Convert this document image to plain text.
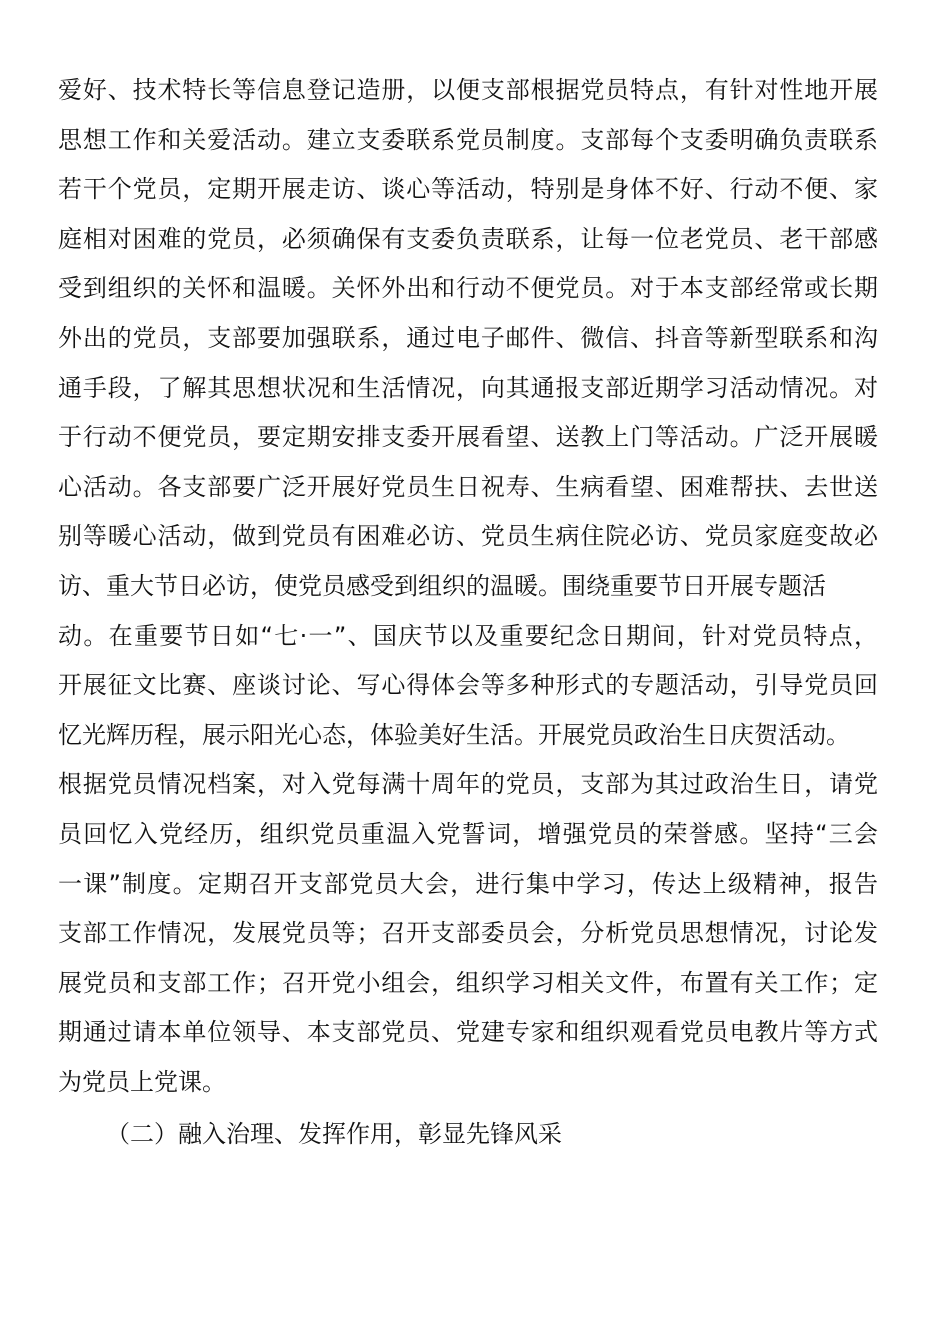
爱好、技术特长等信息登记造册，以便支部根据党员特点，有针对性地开展
思想工作和关爱活动。建立支委联系党员制度。支部每个支委明确负责联系
若干个党员，定期开展走访、谈心等活动，特别是身体不好、行动不便、家
庭相对困难的党员，必须确保有支委负责联系，让每一位老党员、老干部感
受到组织的关怀和温暖。关怀外出和行动不便党员。对于本支部经常或长期
外出的党员，支部要加强联系，通过电子邮件、微信、抖音等新型联系和沟
通手段，了解其思想状况和生活情况，向其通报支部近期学习活动情况。对
于行动不便党员，要定期安排支委开展看望、送教上门等活动。广泛开展暖
心活动。各支部要广泛开展好党员生日祝寿、生病看望、困难帮扶、去世送
别等暖心活动，做到党员有困难必访、党员生病住院必访、党员家庭变故必
访、重大节日必访，使党员感受到组织的温暖。围绕重要节日开展专题活
动。在重要节日如“七·一”、国庆节以及重要纪念日期间，针对党员特点，
开展征文比赛、座谈讨论、写心得体会等多种形式的专题活动，引导党员回
忆光辉历程，展示阳光心态，体验美好生活。开展党员政治生日庆贺活动。
根据党员情况档案，对入党每满十周年的党员，支部为其过政治生日，请党
员回忆入党经历，组织党员重温入党誓词，增强党员的荣誉感。坚持“三会
一课”制度。定期召开支部党员大会，进行集中学习，传达上级精神，报告
支部工作情况，发展党员等；召开支部委员会，分析党员思想情况，讨论发
展党员和支部工作；召开党小组会，组织学习相关文件，布置有关工作；定
期通过请本单位领导、本支部党员、党建专家和组织观看党员电教片等方式
为党员上党课。
（二）融入治理、发挥作用，彰显先锋风采
